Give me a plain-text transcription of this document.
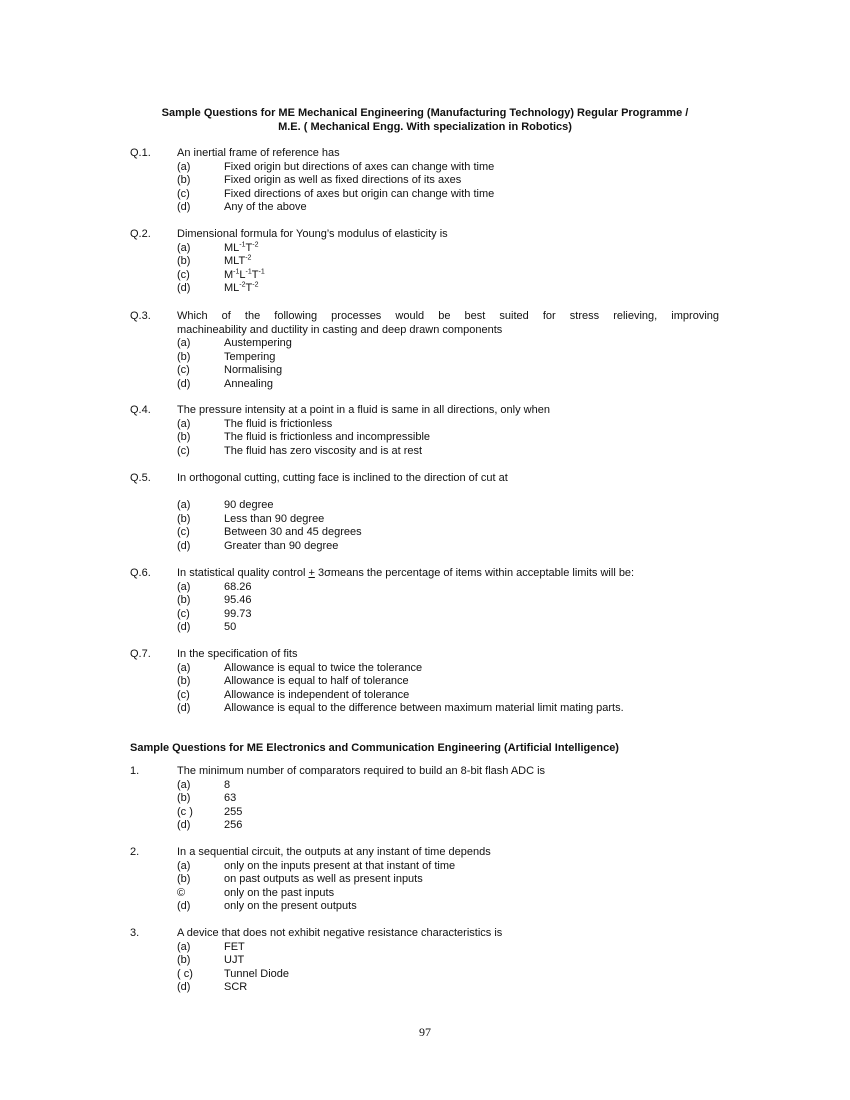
Sample Questions for ME Mechanical Engineering (Manufacturing Technology) Regular Programme /
M.E. ( Mechanical Engg. With specialization in Robotics)
Q.1. An inertial frame of reference has
(a)	Fixed origin but directions of axes can change with time
(b)	Fixed origin as well as fixed directions of its axes
(c)	Fixed directions of axes but origin can change with time
(d)	Any of the above
Q.2. Dimensional formula for Young’s modulus of elasticity is
(a)	$ML^{-1}T^{-2}$
(b)	$MLT^{-2}$
(c)	$M^{-1}L^{-1}T^{-1}$
(d)	$ML^{-2}T^{-2}$
Q.3. Which of the following processes would be best suited for stress relieving, improving
machineability and ductility in casting and deep drawn components
(a)	Austempering
(b)	Tempering
(c)	Normalising
(d)	Annealing
Q.4. The pressure intensity at a point in a fluid is same in all directions, only when
(a)	The fluid is frictionless
(b)	The fluid is frictionless and incompressible
(c)	The fluid has zero viscosity and is at rest
Q.5. In orthogonal cutting, cutting face is inclined to the direction of cut at
(a)	90 degree
(b)	Less than 90 degree
(c)	Between 30 and 45 degrees
(d)	Greater than 90 degree
Q.6. In statistical quality control + 3σmeans the percentage of items within acceptable limits will be:
(a)	68.26
(b)	95.46
(c)	99.73
(d)	50
Q.7. In the specification of fits
(a)	Allowance is equal to twice the tolerance
(b)	Allowance is equal to half of tolerance
(c)	Allowance is independent of tolerance
(d)	Allowance is equal to the difference between maximum material limit mating parts.
Sample Questions for ME Electronics and Communication Engineering (Artificial Intelligence)
1.	The minimum number of comparators required to build an 8-bit flash ADC is
(a)	8
(b)	63
(c )	255
(d)	256
2.	In a sequential circuit, the outputs at any instant of time depends
(a)	only on the inputs present at that instant of time
(b)	on past outputs as well as present inputs
©	only on the past inputs
(d)	only on the present outputs
3.	A device that does not exhibit negative resistance characteristics is
(a)	FET
(b)	UJT
( c)	Tunnel Diode
(d)	SCR
97
